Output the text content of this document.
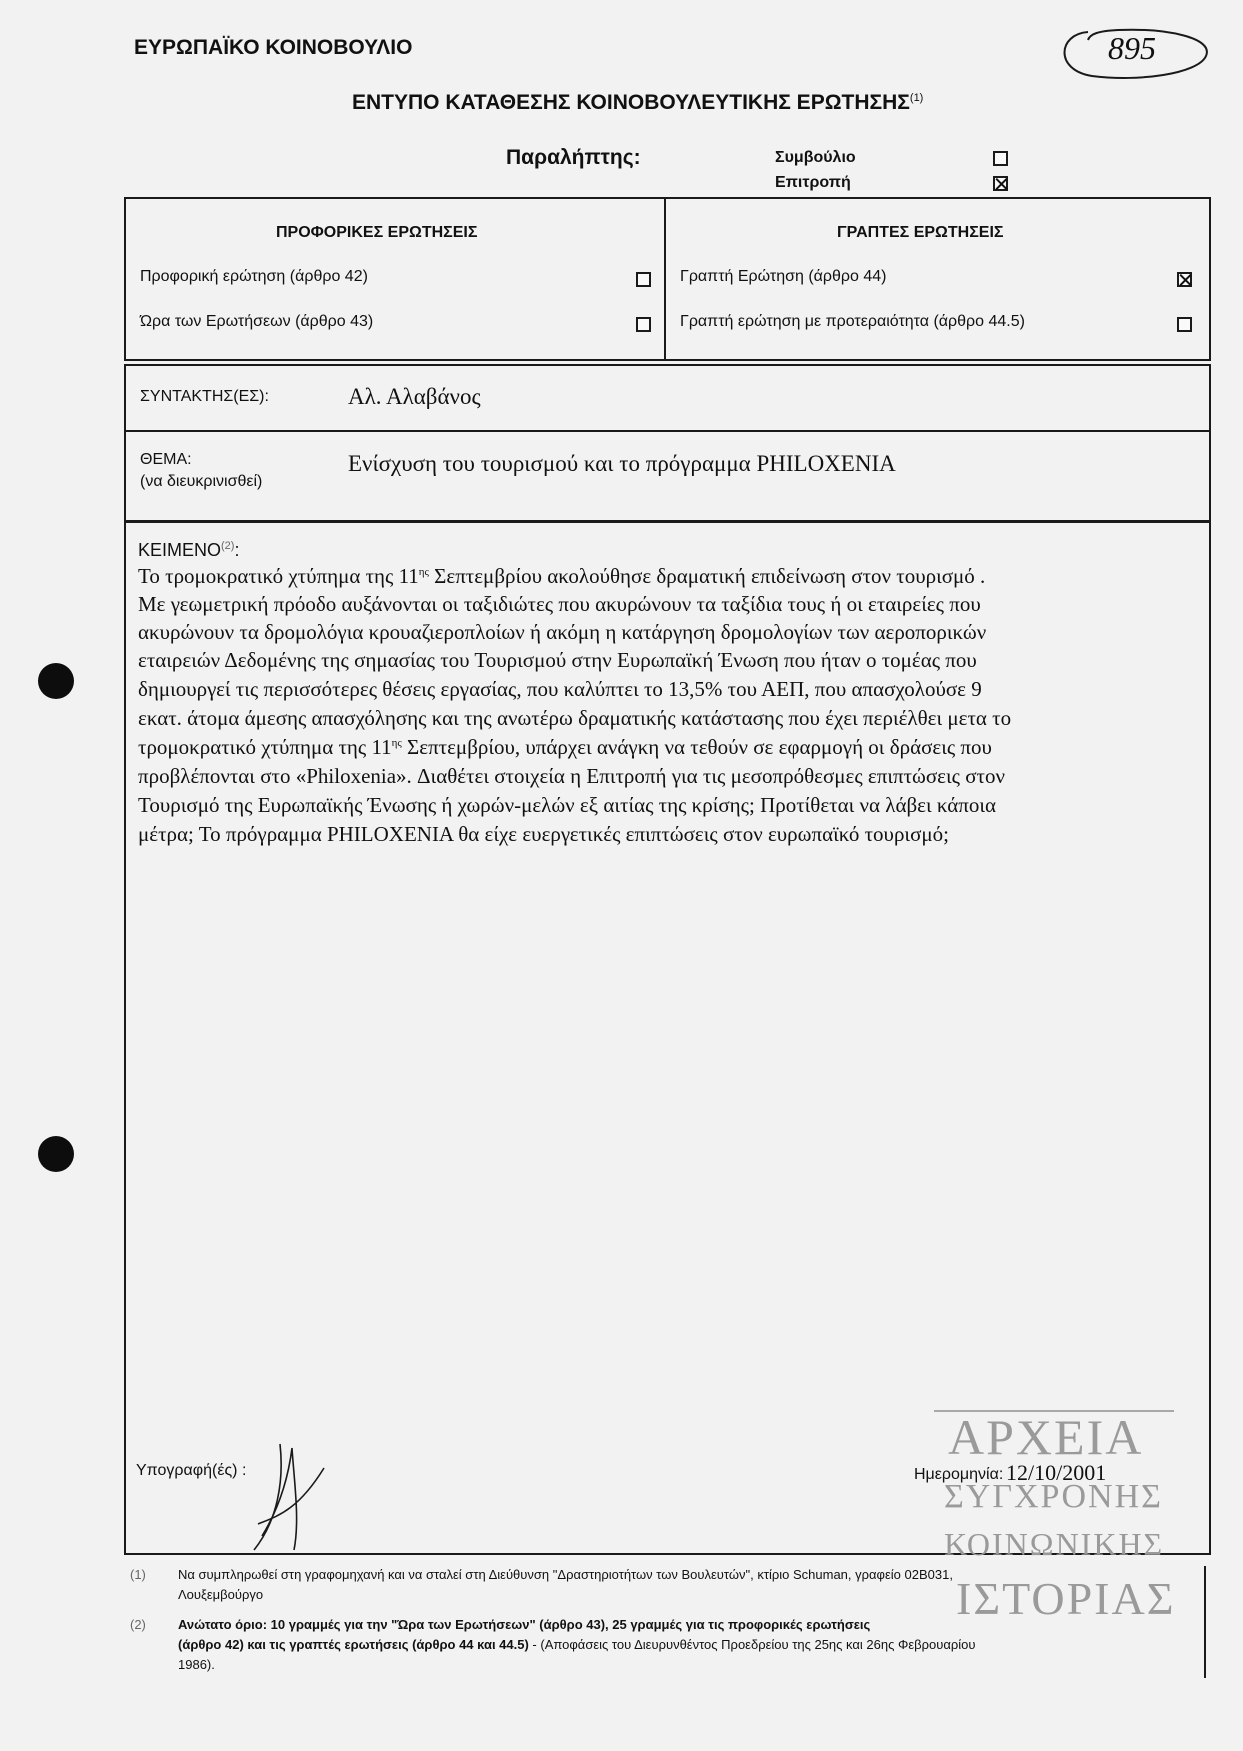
ΕΥΡΩΠΑΪΚΟ ΚΟΙΝΟΒΟΥΛΙΟ	895
ΕΝΤΥΠΟ ΚΑΤΑΘΕΣΗΣ ΚΟΙΝΟΒΟΥΛΕΥΤΙΚΗΣ ΕΡΩΤΗΣΗΣ$^{(1)}$
Παραλήπτης:	Συμβούλιο
Επιτροπή
ΠΡΟΦΟΡΙΚΕΣ ΕΡΩΤΗΣΕΙΣ	ΓΡΑΠΤΕΣ ΕΡΩΤΗΣΕΙΣ
Προφορική ερώτηση (άρθρο 42)
Ώρα των Ερωτήσεων (άρθρο 43)
Γραπτή Ερώτηση (άρθρο 44)
Γραπτή ερώτηση με προτεραιότητα (άρθρο 44.5)
ΣΥΝΤΑΚΤΗΣ(ΕΣ):	Αλ. Αλαβάνος
ΘΕΜΑ:
(να διευκρινισθεί)
Ενίσχυση του τουρισμού και το πρόγραμμα PHILOXENIA
ΚΕΙΜΕΝΟ$^{(2)}$:
Το τρομοκρατικό χτύπημα της $11^{\eta\varsigma}$ Σεπτεμβρίου ακολούθησε δραματική επιδείνωση στον τουρισμό .
Με γεωμετρική πρόοδο αυξάνονται οι ταξιδιώτες που ακυρώνουν τα ταξίδια τους ή οι εταιρείες που
ακυρώνουν τα δρομολόγια κρουαζιεροπλοίων ή ακόμη η κατάργηση δρομολογίων των αεροπορικών
εταιρειών Δεδομένης της σημασίας του Τουρισμού στην Ευρωπαϊκή Ένωση που ήταν ο τομέας που
δημιουργεί τις περισσότερες θέσεις εργασίας, που καλύπτει το 13,5% του ΑΕΠ, που απασχολούσε 9
εκατ. άτομα άμεσης απασχόλησης και της ανωτέρω δραματικής κατάστασης που έχει περιέλθει μετα το
τρομοκρατικό χτύπημα της $11^{\eta\varsigma}$ Σεπτεμβρίου, υπάρχει ανάγκη να τεθούν σε εφαρμογή οι δράσεις που
προβλέπονται στο «Philoxenia». Διαθέτει στοιχεία η Επιτροπή για τις μεσοπρόθεσμες επιπτώσεις στον
Τουρισμό της Ευρωπαϊκής Ένωσης ή χωρών-μελών εξ αιτίας της κρίσης; Προτίθεται να λάβει κάποια
μέτρα; Το πρόγραμμα PHILOXENIA θα είχε ευεργετικές επιπτώσεις στον ευρωπαϊκό τουρισμό;
ΑΡΧΕΙΑ
ΣΥΓΧΡΟΝΗΣ
ΚΟΙΝΩΝΙΚΗΣ
ΙΣΤΟΡΙΑΣ
Υπογραφή(ές) :	Ημερομηνία: 12/10/2001
(1) Να συμπληρωθεί στη γραφομηχανή και να σταλεί στη Διεύθυνση "Δραστηριοτήτων των Βουλευτών", κτίριο Schuman, γραφείο 02B031,
Λουξεμβούργο
(2) Ανώτατο όριο: 10 γραμμές για την "Ώρα των Ερωτήσεων" (άρθρο 43), 25 γραμμές για τις προφορικές ερωτήσεις
(άρθρο 42) και τις γραπτές ερωτήσεις (άρθρο 44 και 44.5) - (Αποφάσεις του Διευρυνθέντος Προεδρείου της 25ης και 26ης Φεβρουαρίου
1986).
